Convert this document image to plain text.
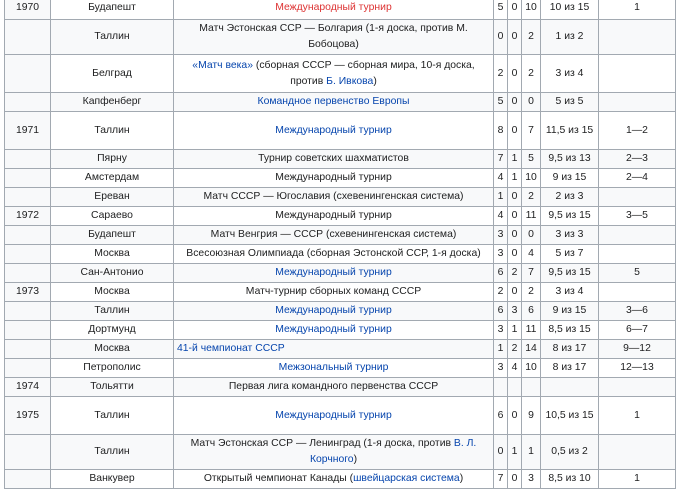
1970	Будапешт	Международный турнир	5	0	10	10 из 15	1
	Таллин	Матч Эстонская ССР — Болгария (1-я доска, против М. Бобоцова)	0	0	2	1 из 2	
	Белград	«Матч века» (сборная СССР — сборная мира, 10-я доска, против Б. Ивкова)	2	0	2	3 из 4	
	Капфенберг	Командное первенство Европы	5	0	0	5 из 5	
1971	Таллин	Международный турнир	8	0	7	11,5 из 15	1—2
	Пярну	Турнир советских шахматистов	7	1	5	9,5 из 13	2—3
	Амстердам	Международный турнир	4	1	10	9 из 15	2—4
	Ереван	Матч СССР — Югославия (схевенингенская система)	1	0	2	2 из 3	
1972	Сараево	Международный турнир	4	0	11	9,5 из 15	3—5
	Будапешт	Матч Венгрия — СССР (схевенингенская система)	3	0	0	3 из 3	
	Москва	Всесоюзная Олимпиада (сборная Эстонской ССР, 1-я доска)	3	0	4	5 из 7	
	Сан-Антонио	Международный турнир	6	2	7	9,5 из 15	5
1973	Москва	Матч-турнир сборных команд СССР	2	0	2	3 из 4	
	Таллин	Международный турнир	6	3	6	9 из 15	3—6
	Дортмунд	Международный турнир	3	1	11	8,5 из 15	6—7
	Москва	41-й чемпионат СССР	1	2	14	8 из 17	9—12
	Петрополис	Межзональный турнир	3	4	10	8 из 17	12—13
1974	Тольятти	Первая лига командного первенства СССР					
1975	Таллин	Международный турнир	6	0	9	10,5 из 15	1
	Таллин	Матч Эстонская ССР — Ленинград (1-я доска, против В. Л. Корчного)	0	1	1	0,5 из 2	
	Ванкувер	Открытый чемпионат Канады (швейцарская система)	7	0	3	8,5 из 10	1
